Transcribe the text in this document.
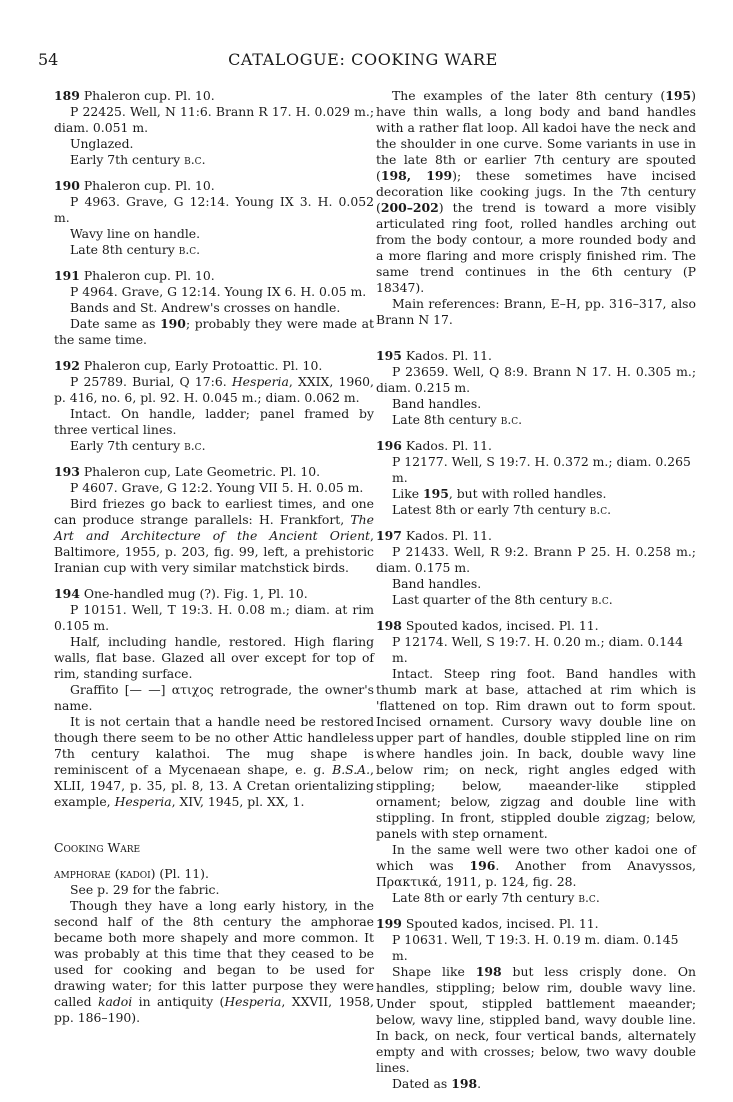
54	CATALOGUE: COOKING WARE

189 Phaleron cup. Pl. 10.

P 22425. Well, N 11:6. Brann R 17. H. 0.029 m.; diam. 0.051 m.

Unglazed.

Early 7th century b.c.

190 Phaleron cup. Pl. 10.

P 4963. Grave, G 12:14. Young IX 3. H. 0.052 m.

Wavy line on handle.

Late 8th century b.c.

191 Phaleron cup. Pl. 10.

P 4964. Grave, G 12:14. Young IX 6. H. 0.05 m.

Bands and St. Andrew's crosses on handle.

Date same as 190; probably they were made at the same time.

192 Phaleron cup, Early Protoattic. Pl. 10.

P 25789. Burial, Q 17:6. Hesperia, XXIX, 1960, p. 416, no. 6, pl. 92. H. 0.045 m.; diam. 0.062 m.

Intact. On handle, ladder; panel framed by three vertical lines.

Early 7th century b.c.

193 Phaleron cup, Late Geometric. Pl. 10.

P 4607. Grave, G 12:2. Young VII 5. H. 0.05 m.

Bird friezes go back to earliest times, and one can produce strange parallels: H. Frankfort, The Art and Architecture of the Ancient Orient, Baltimore, 1955, p. 203, fig. 99, left, a prehistoric Iranian cup with very similar matchstick birds.

194 One-handled mug (?). Fig. 1, Pl. 10.

P 10151. Well, T 19:3. H. 0.08 m.; diam. at rim 0.105 m.

Half, including handle, restored. High flaring walls, flat base. Glazed all over except for top of rim, standing surface.

Graffito [— —] ατιχος retrograde, the owner's name.

It is not certain that a handle need be restored though there seem to be no other Attic handleless 7th century kalathoi. The mug shape is reminiscent of a Mycenaean shape, e. g. B.S.A., XLII, 1947, p. 35, pl. 8, 13. A Cretan orientalizing example, Hesperia, XIV, 1945, pl. XX, 1.

Cooking Ware

amphorae (kadoi) (Pl. 11).

See p. 29 for the fabric.

Though they have a long early history, in the second half of the 8th century the amphorae became both more shapely and more common. It was probably at this time that they ceased to be used for cooking and began to be used for drawing water; for this latter purpose they were called kadoi in antiquity (Hesperia, XXVII, 1958, pp. 186–190).

The examples of the later 8th century (195) have thin walls, a long body and band handles with a rather flat loop. All kadoi have the neck and the shoulder in one curve. Some variants in use in the late 8th or earlier 7th century are spouted (198, 199); these sometimes have incised decoration like cooking jugs. In the 7th century (200–202) the trend is toward a more visibly articulated ring foot, rolled handles arching out from the body contour, a more rounded body and a more flaring and more crisply finished rim. The same trend continues in the 6th century (P 18347).

Main references: Brann, E–H, pp. 316–317, also Brann N 17.

195 Kados. Pl. 11.

P 23659. Well, Q 8:9. Brann N 17. H. 0.305 m.; diam. 0.215 m.

Band handles.

Late 8th century b.c.

196 Kados. Pl. 11.

P 12177. Well, S 19:7. H. 0.372 m.; diam. 0.265 m.

Like 195, but with rolled handles.

Latest 8th or early 7th century b.c.

197 Kados. Pl. 11.

P 21433. Well, R 9:2. Brann P 25. H. 0.258 m.; diam. 0.175 m.

Band handles.

Last quarter of the 8th century b.c.

198 Spouted kados, incised. Pl. 11.

P 12174. Well, S 19:7. H. 0.20 m.; diam. 0.144 m.

Intact. Steep ring foot. Band handles with thumb mark at base, attached at rim which is 'flattened on top. Rim drawn out to form spout. Incised ornament. Cursory wavy double line on upper part of handles, double stippled line on rim where handles join. In back, double wavy line below rim; on neck, right angles edged with stippling; below, maeander-like stippled ornament; below, zigzag and double line with stippling. In front, stippled double zigzag; below, panels with step ornament.

In the same well were two other kadoi one of which was 196. Another from Anavyssos, Πρακτικά, 1911, p. 124, fig. 28.

Late 8th or early 7th century b.c.

199 Spouted kados, incised. Pl. 11.

P 10631. Well, T 19:3. H. 0.19 m. diam. 0.145 m.

Shape like 198 but less crisply done. On handles, stippling; below rim, double wavy line. Under spout, stippled battlement maeander; below, wavy line, stippled band, wavy double line. In back, on neck, four vertical bands, alternately empty and with crosses; below, two wavy double lines.

Dated as 198.
